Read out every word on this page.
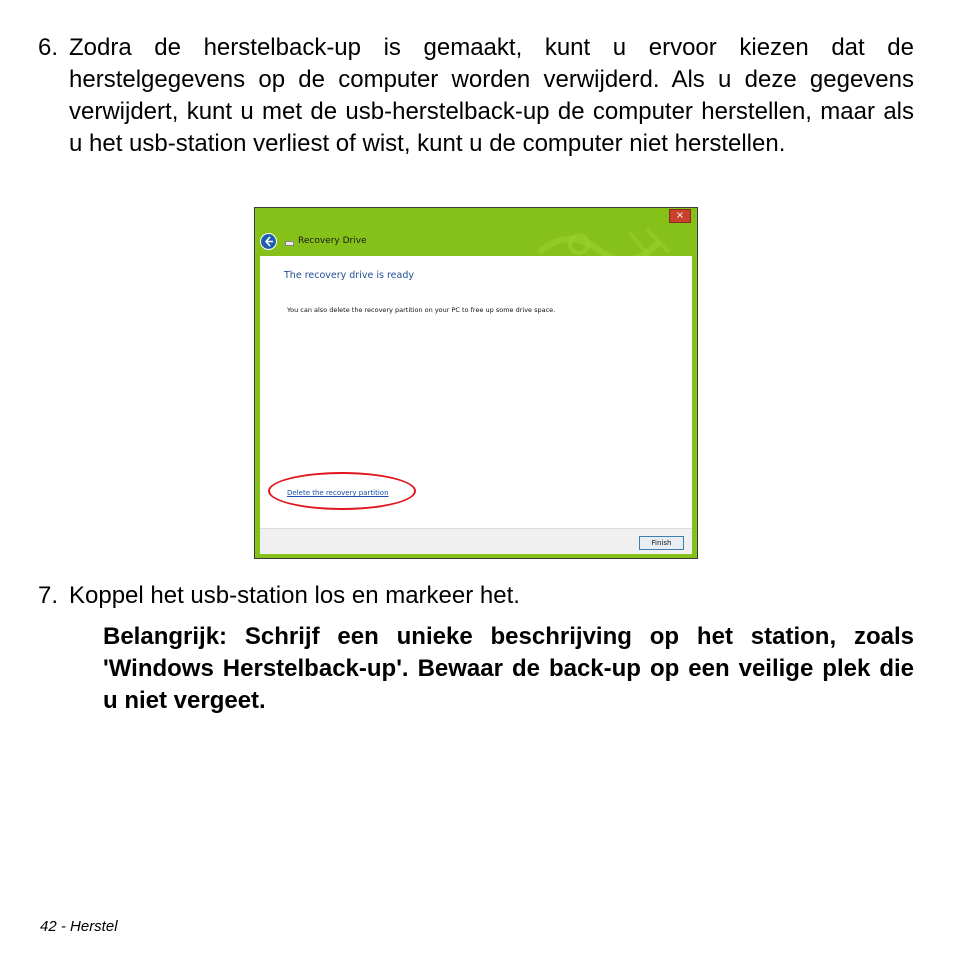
6. Zodra de herstelback-up is gemaakt, kunt u ervoor kiezen dat de herstelgegevens op de computer worden verwijderd. Als u deze gegevens verwijdert, kunt u met de usb-herstelback-up de computer herstellen, maar als u het usb-station verliest of wist, kunt u de computer niet herstellen.
×
Recovery Drive
The recovery drive is ready
You can also delete the recovery partition on your PC to free up some drive space.
Delete the recovery partition
Finish
7. Koppel het usb-station los en markeer het.
Belangrijk: Schrijf een unieke beschrijving op het station, zoals 'Windows Herstelback-up'. Bewaar de back-up op een veilige plek die u niet vergeet.
42 - Herstel
